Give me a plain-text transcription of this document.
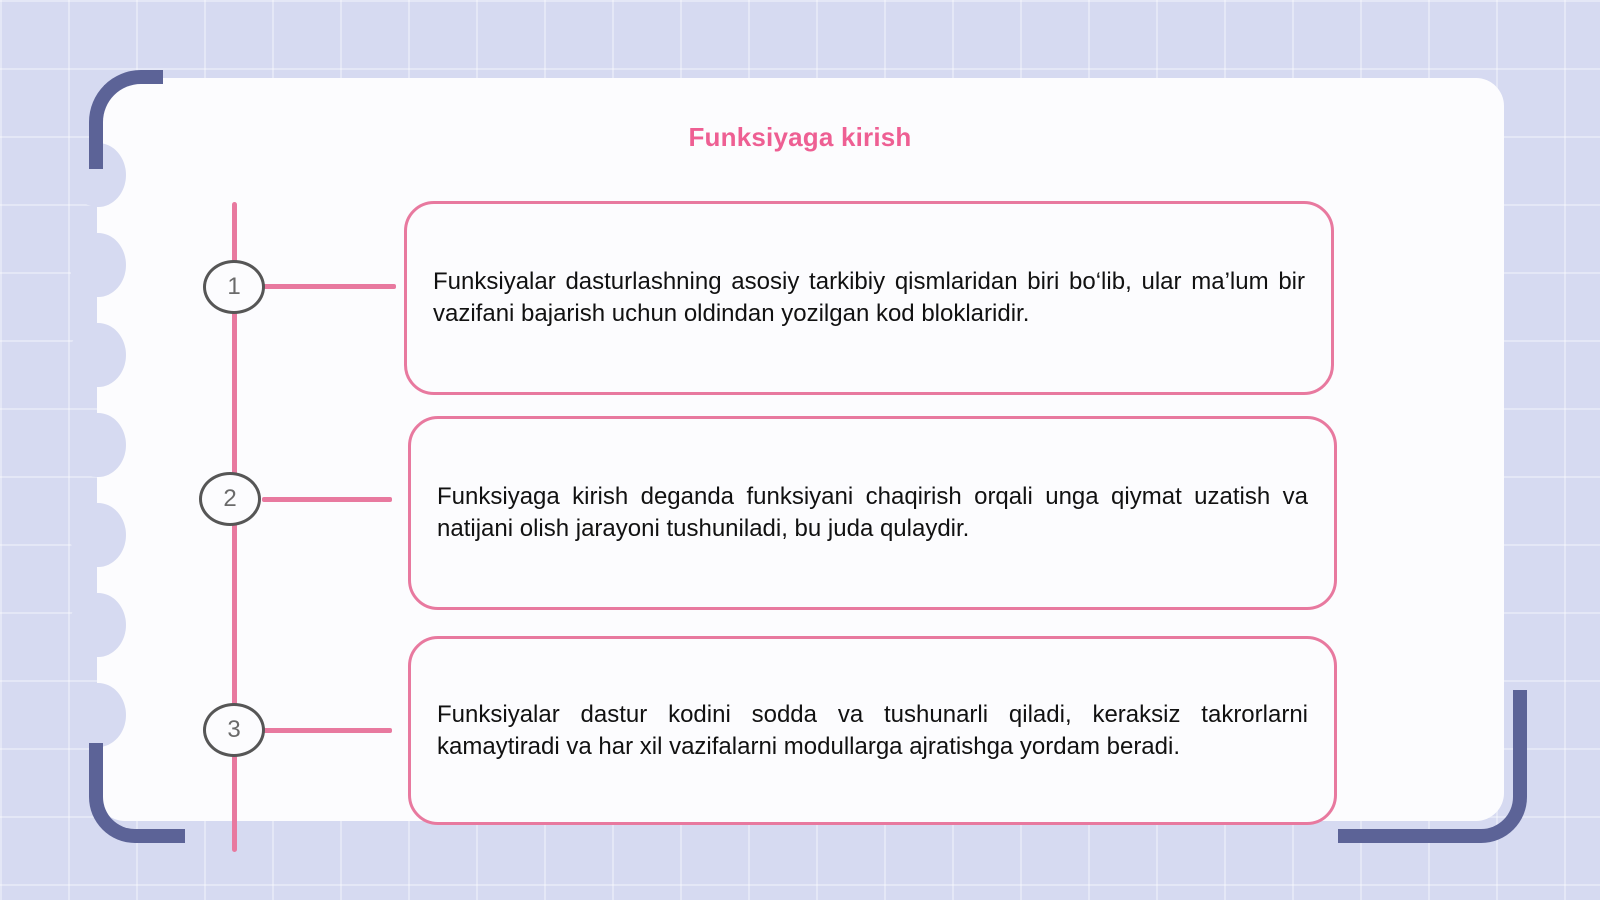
Funksiyaga kirish
1	Funksiyalar dasturlashning asosiy tarkibiy qismlaridan biri bo‘lib, ular ma’lum bir vazifani bajarish uchun oldindan yozilgan kod bloklaridir.

2	Funksiyaga kirish deganda funksiyani chaqirish orqali unga qiymat uzatish va natijani olish jarayoni tushuniladi, bu juda qulaydir.

3

Funksiyalar dastur kodini sodda va tushunarli qiladi, keraksiz takrorlarni kamaytiradi va har xil vazifalarni modullarga ajratishga yordam beradi.
